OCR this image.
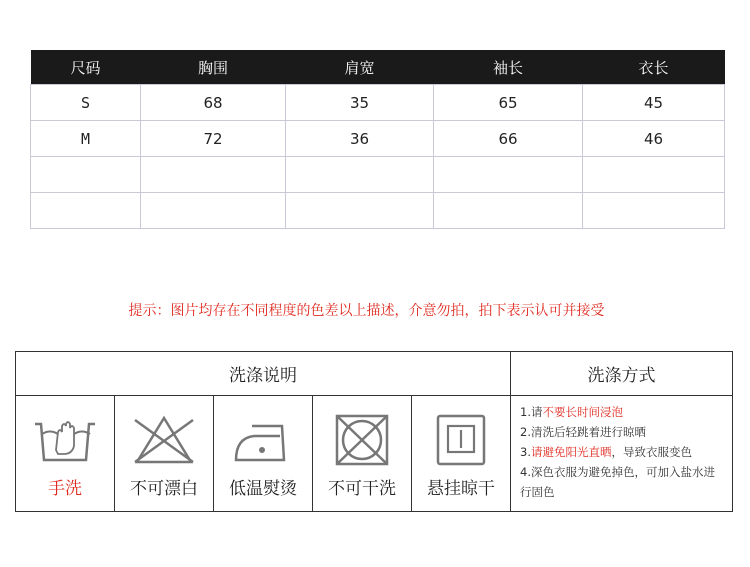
尺码	胸围	肩宽	袖长	衣长
S	68	35	65	45
M	72	36	66	46

提示：图片均存在不同程度的色差以上描述，介意勿拍，拍下表示认可并接受
洗涤说明	洗涤方式
手洗	不可漂白	低温熨烫	不可干洗	悬挂晾干

1.请不要长时间浸泡

2.清洗后轻跳着进行晾晒

3.请避免阳光直晒，导致衣服变色

4.深色衣服为避免掉色，可加入盐水进行固色
